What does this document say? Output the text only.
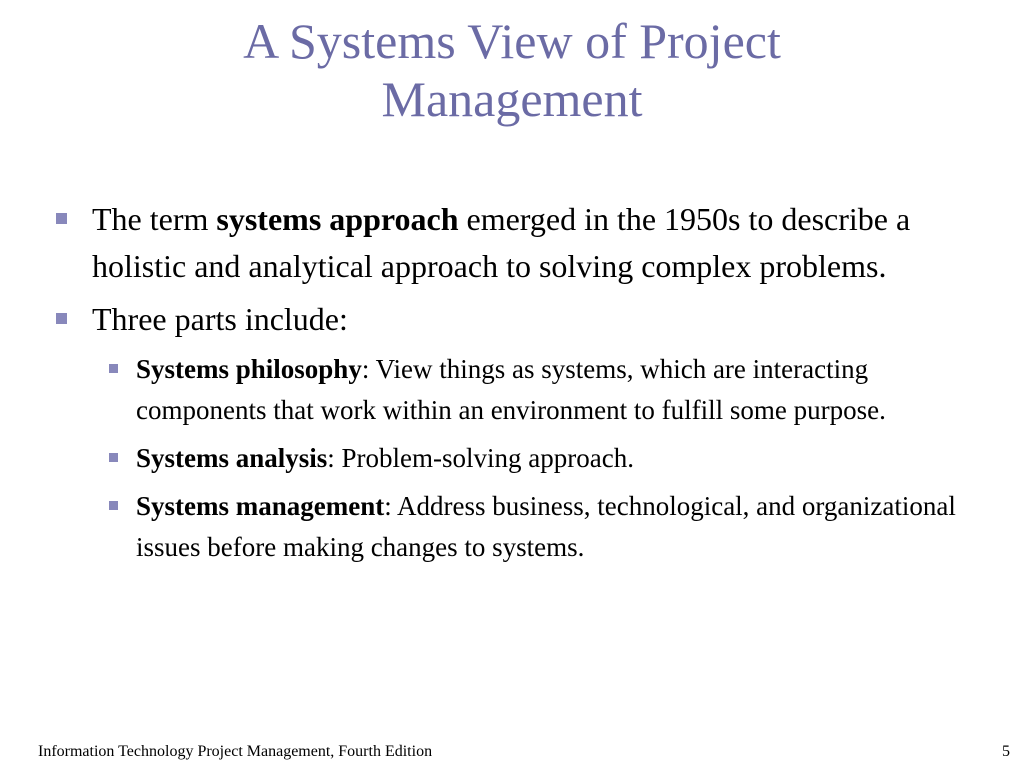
A Systems View of Project
Management
The term systems approach emerged in the 1950s to describe a holistic and analytical approach to solving complex problems.
Three parts include:
Systems philosophy: View things as systems, which are interacting components that work within an environment to fulfill some purpose.
Systems analysis: Problem-solving approach.
Systems management: Address business, technological, and organizational issues before making changes to systems.
Information Technology Project Management, Fourth Edition	5
